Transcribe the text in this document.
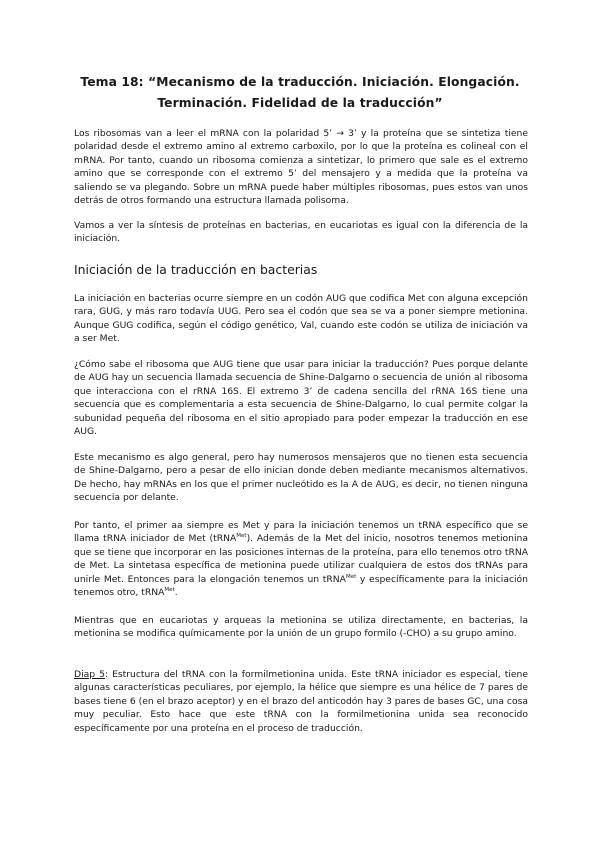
Tema 18: “Mecanismo de la traducción. Iniciación. Elongación.
Terminación. Fidelidad de la traducción”

Los ribosomas van a leer el mRNA con la polaridad 5’ → 3’ y la proteína que se sintetiza tiene polaridad desde el extremo amino al extremo carboxilo, por lo que la proteína es colineal con el mRNA. Por tanto, cuando un ribosoma comienza a sintetizar, lo primero que sale es el extremo amino que se corresponde con el extremo 5’ del mensajero y a medida que la proteína va saliendo se va plegando. Sobre un mRNA puede haber múltiples ribosomas, pues estos van unos detrás de otros formando una estructura llamada polisoma.

Vamos a ver la síntesis de proteínas en bacterias, en eucariotas es igual con la diferencia de la iniciación.

Iniciación de la traducción en bacterias

La iniciación en bacterias ocurre siempre en un codón AUG que codifica Met con alguna excepción rara, GUG, y más raro todavía UUG. Pero sea el codón que sea se va a poner siempre metionina. Aunque GUG codifica, según el código genético, Val, cuando este codón se utiliza de iniciación va a ser Met.

¿Cómo sabe el ribosoma que AUG tiene que usar para iniciar la traducción? Pues porque delante de AUG hay un secuencia llamada secuencia de Shine-Dalgarno o secuencia de unión al ribosoma que interacciona con el rRNA 16S. El extremo 3’ de cadena sencilla del rRNA 16S tiene una secuencia que es complementaria a esta secuencia de Shine-Dalgarno, lo cual permite colgar la subunidad pequeña del ribosoma en el sitio apropiado para poder empezar la traducción en ese AUG.

Este mecanismo es algo general, pero hay numerosos mensajeros que no tienen esta secuencia de Shine-Dalgarno, pero a pesar de ello inician donde deben mediante mecanismos alternativos. De hecho, hay mRNAs en los que el primer nucleótido es la A de AUG, es decir, no tienen ninguna secuencia por delante.

Por tanto, el primer aa siempre es Met y para la iniciación tenemos un tRNA específico que se llama tRNA iniciador de Met (tRNA$^{Met}$). Además de la Met del inicio, nosotros tenemos metionina que se tiene que incorporar en las posiciones internas de la proteína, para ello tenemos otro tRNA de Met. La sintetasa específica de metionina puede utilizar cualquiera de estos dos tRNAs para unirle Met. Entonces para la elongación tenemos un tRNA$^{Met}$ y específicamente para la iniciación tenemos otro, tRNA$^{Met}$.

Mientras que en eucariotas y arqueas la metionina se utiliza directamente, en bacterias, la metionina se modifica químicamente por la unión de un grupo formilo (-CHO) a su grupo amino.

Diap 5: Estructura del tRNA con la formilmetionina unida. Este tRNA iniciador es especial, tiene algunas características peculiares, por ejemplo, la hélice que siempre es una hélice de 7 pares de bases tiene 6 (en el brazo aceptor) y en el brazo del anticodón hay 3 pares de bases GC, una cosa muy peculiar. Esto hace que este tRNA con la formilmetionina unida sea reconocido específicamente por una proteína en el proceso de traducción.
